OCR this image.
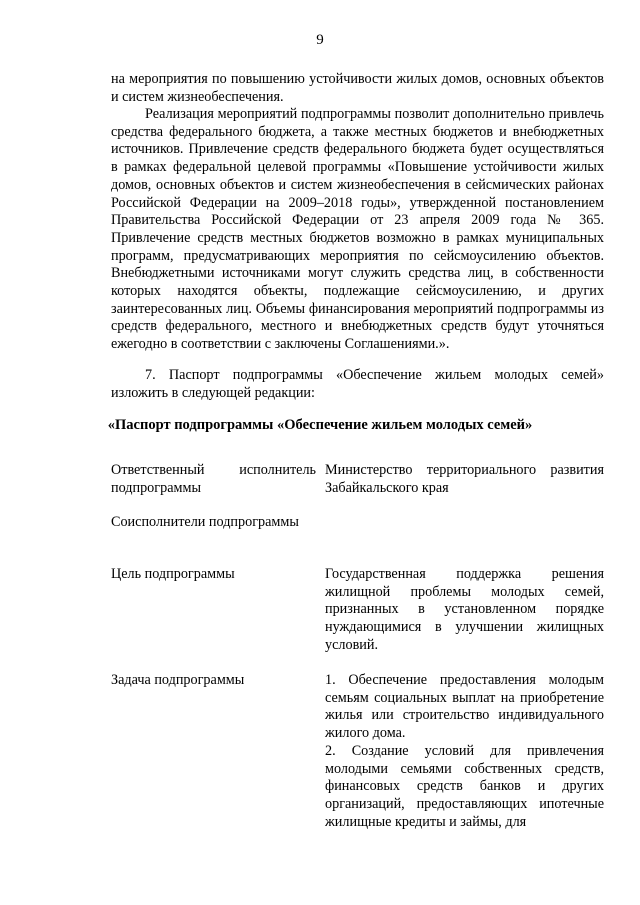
9
на мероприятия по повышению устойчивости жилых домов, основных объектов и систем жизнеобеспечения.
Реализация мероприятий подпрограммы позволит дополнительно привлечь средства федерального бюджета, а также местных бюджетов и внебюджетных источников. Привлечение средств федерального бюджета будет осуществляться в рамках федеральной целевой программы «Повышение устойчивости жилых домов, основных объектов и систем жизнеобеспечения в сейсмических районах Российской Федерации на 2009–2018 годы», утвержденной постановлением Правительства Российской Федерации от 23 апреля 2009 года № 365. Привлечение средств местных бюджетов возможно в рамках муниципальных программ, предусматривающих мероприятия по сейсмоусилению объектов. Внебюджетными источниками могут служить средства лиц, в собственности которых находятся объекты, подлежащие сейсмоусилению, и других заинтересованных лиц. Объемы финансирования мероприятий подпрограммы из средств федерального, местного и внебюджетных средств будут уточняться ежегодно в соответствии с заключены Соглашениями.».
7. Паспорт подпрограммы «Обеспечение жильем молодых семей» изложить в следующей редакции:
«Паспорт подпрограммы «Обеспечение жильем молодых семей»
Ответственный исполнитель подпрограммы
Министерство территориального развития Забайкальского края
Соисполнители подпрограммы
Цель подпрограммы	Государственная поддержка решения жилищной проблемы молодых семей, признанных в установленном порядке нуждающимися в улучшении жилищных условий.
Задача подпрограммы	1. Обеспечение предоставления молодым семьям социальных выплат на приобретение жилья или строительство индивидуального жилого дома.

2. Создание условий для привлечения молодыми семьями собственных средств, финансовых средств банков и других организаций, предоставляющих ипотечные жилищные кредиты и займы, для
